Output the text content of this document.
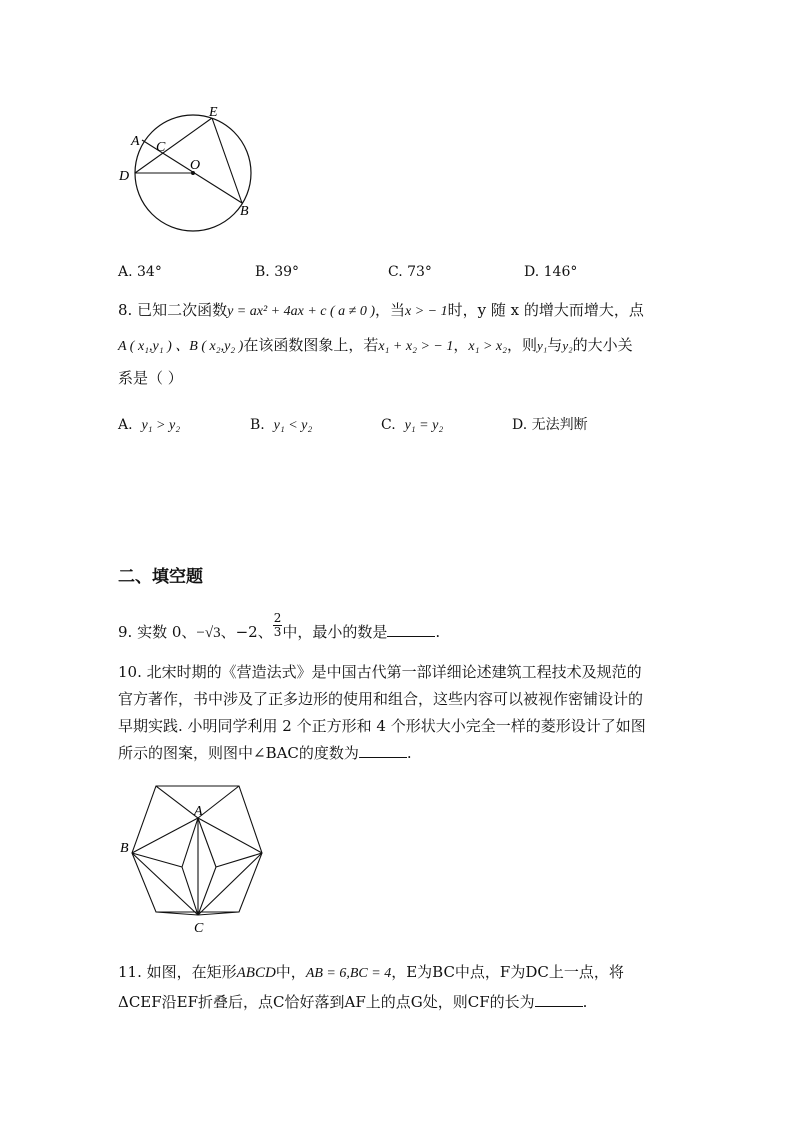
E
A C
O
D
B
A. 34°	B. 39°	C. 73°	D. 146°
8. 已知二次函数y = ax² + 4ax + c ( a ≠ 0 )，当x > − 1时，y 随 x 的增大而增大，点
A ( x₁,y₁ ) 、B ( x₂,y₂ )在该函数图象上，若x₁ + x₂ > − 1，x₁ > x₂，则y₁与y₂的大小关
系是（ ）
A. y₁ > y₂	B. y₁ < y₂	C. y₁ = y₂	D. 无法判断
二、填空题
9. 实数 0、−√3、−2、 $\frac{2}{3}$ 中，最小的数是	.
10. 北宋时期的《营造法式》是中国古代第一部详细论述建筑工程技术及规范的
官方著作，书中涉及了正多边形的使用和组合，这些内容可以被视作密铺设计的
早期实践. 小明同学利用 2 个正方形和 4 个形状大小完全一样的菱形设计了如图
所示的图案，则图中∠BAC的度数为	.
A
B
C
11. 如图，在矩形ABCD中，AB = 6,BC = 4，E为BC中点，F为DC上一点，将
ΔCEF沿EF折叠后，点C恰好落到AF上的点G处，则CF的长为	.
